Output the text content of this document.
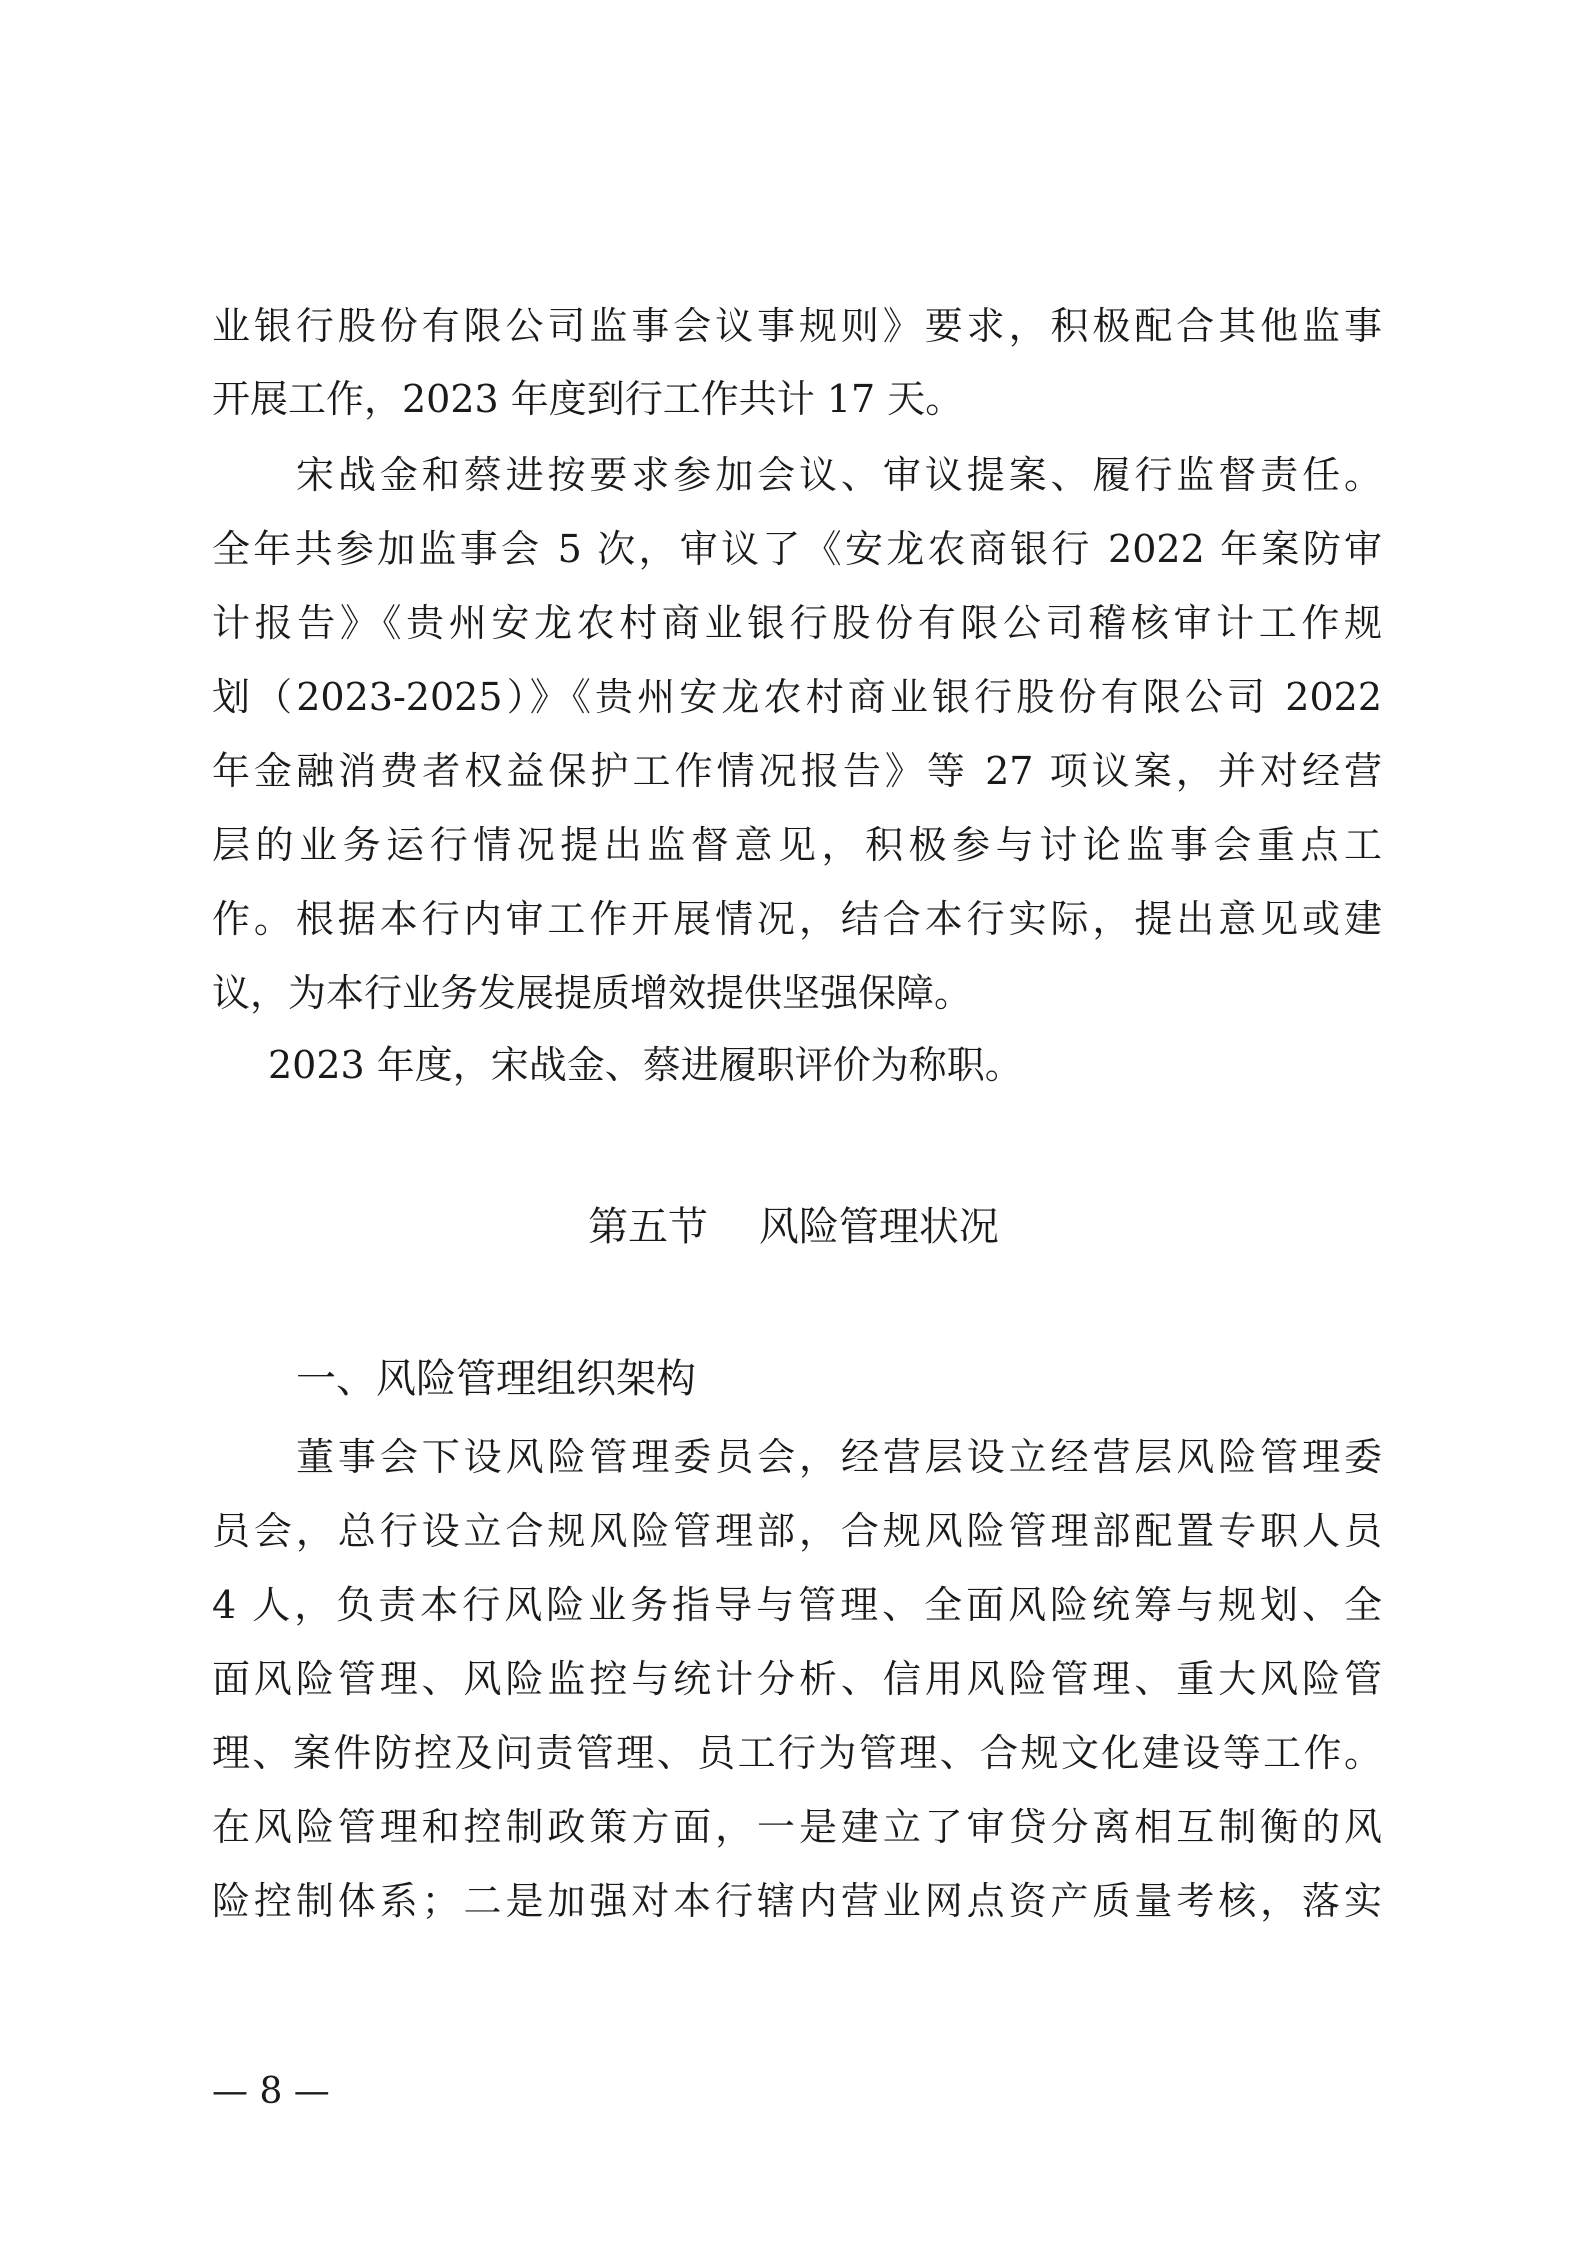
业银行股份有限公司监事会议事规则》要求，积极配合其他监事
开展工作，2023 年度到行工作共计 17 天。
宋战金和蔡进按要求参加会议、审议提案、履行监督责任。
全年共参加监事会 5 次，审议了《安龙农商银行 2022 年案防审
计报告》《贵州安龙农村商业银行股份有限公司稽核审计工作规
划（2023-2025）》《贵州安龙农村商业银行股份有限公司 2022
年金融消费者权益保护工作情况报告》等 27 项议案，并对经营
层的业务运行情况提出监督意见，积极参与讨论监事会重点工
作。根据本行内审工作开展情况，结合本行实际，提出意见或建
议，为本行业务发展提质增效提供坚强保障。
2023 年度，宋战金、蔡进履职评价为称职。
第五节    风险管理状况
一、风险管理组织架构
董事会下设风险管理委员会，经营层设立经营层风险管理委
员会，总行设立合规风险管理部，合规风险管理部配置专职人员
4 人，负责本行风险业务指导与管理、全面风险统筹与规划、全
面风险管理、风险监控与统计分析、信用风险管理、重大风险管
理、案件防控及问责管理、员工行为管理、合规文化建设等工作。
在风险管理和控制政策方面，一是建立了审贷分离相互制衡的风
险控制体系；二是加强对本行辖内营业网点资产质量考核，落实
— 8 —
